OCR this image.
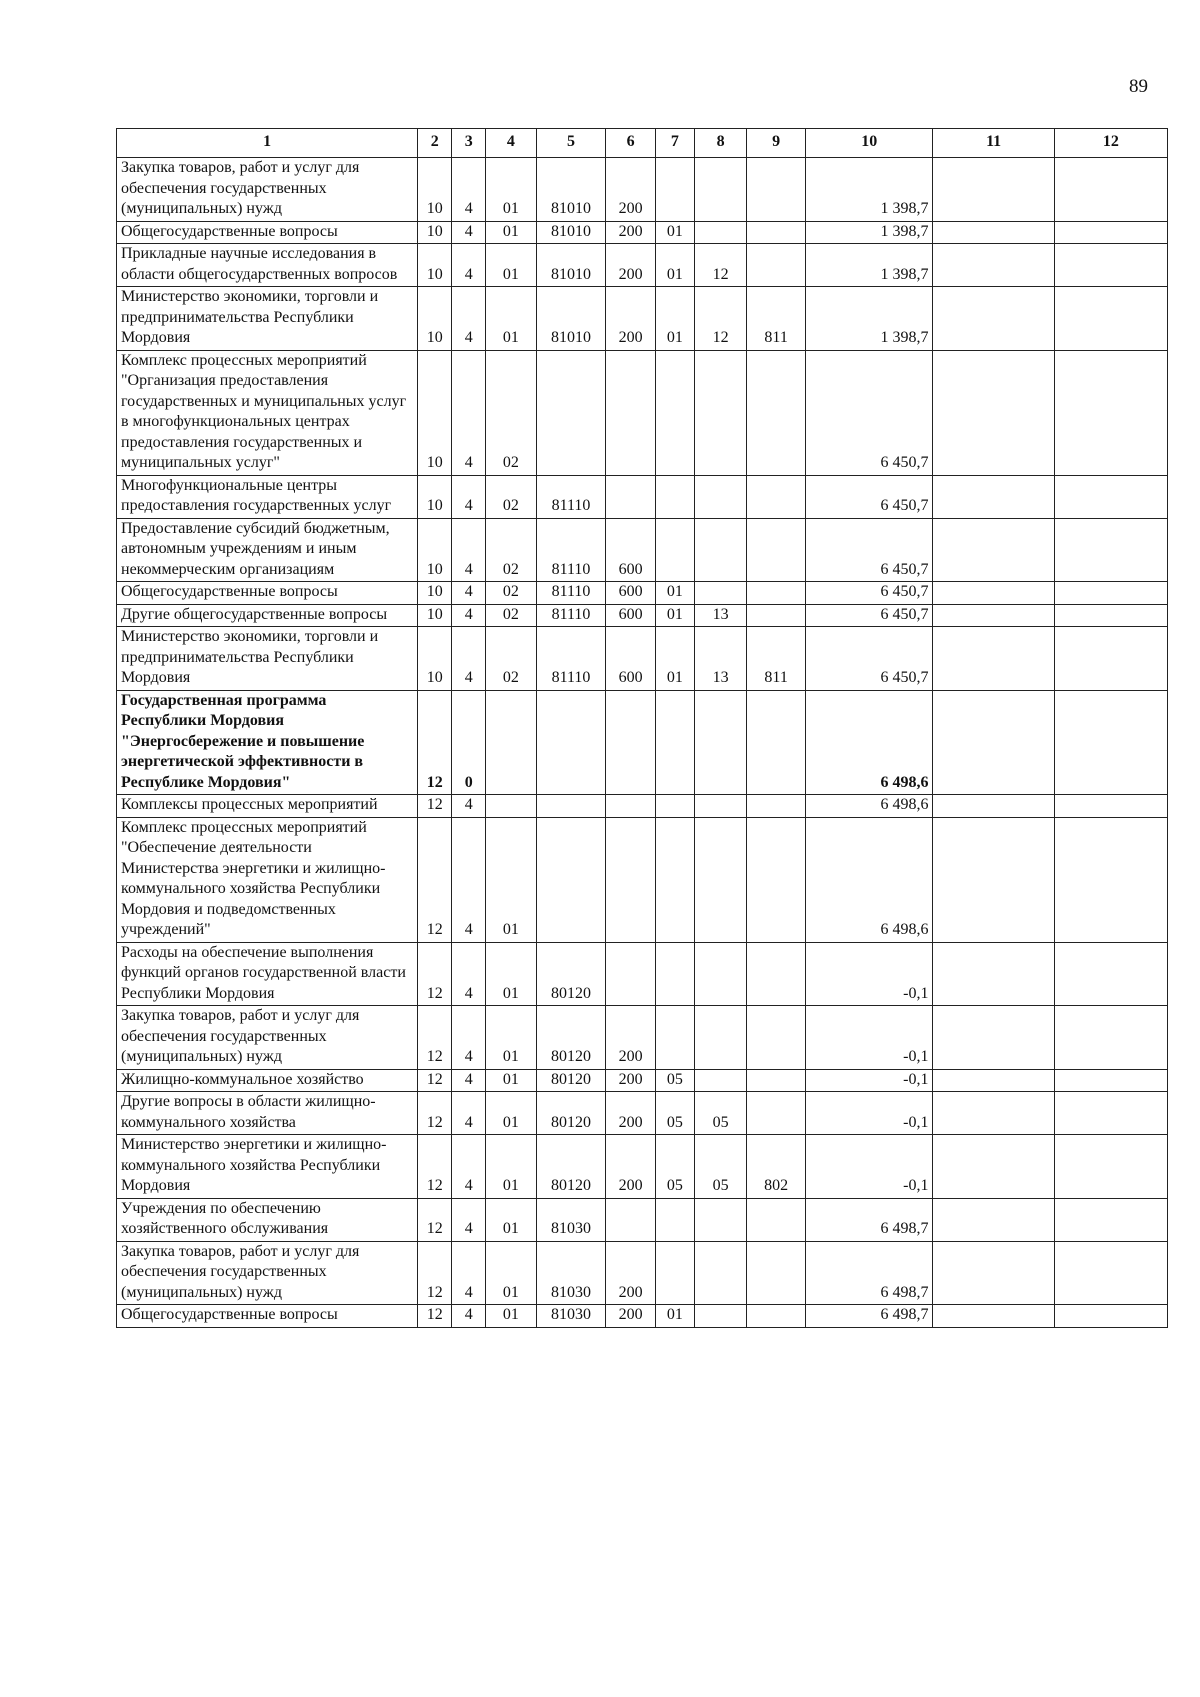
89
1	2	3	4	5	6	7	8	9	10	11	12
Закупка товаров, работ и услуг для обеспечения государственных (муниципальных) нужд	10	4	01	81010	200				1 398,7		
Общегосударственные вопросы	10	4	01	81010	200	01			1 398,7		
Прикладные научные исследования в области общегосударственных вопросов	10	4	01	81010	200	01	12		1 398,7		
Министерство экономики, торговли и предпринимательства Республики Мордовия	10	4	01	81010	200	01	12	811	1 398,7		
Комплекс процессных мероприятий "Организация предоставления государственных и муниципальных услуг в многофункциональных центрах предоставления государственных и муниципальных услуг"	10	4	02						6 450,7		
Многофункциональные центры предоставления государственных услуг	10	4	02	81110					6 450,7		
Предоставление субсидий бюджетным, автономным учреждениям и иным некоммерческим организациям	10	4	02	81110	600				6 450,7		
Общегосударственные вопросы	10	4	02	81110	600	01			6 450,7		
Другие общегосударственные вопросы	10	4	02	81110	600	01	13		6 450,7		
Министерство экономики, торговли и предпринимательства Республики Мордовия	10	4	02	81110	600	01	13	811	6 450,7		
Государственная программа Республики Мордовия "Энергосбережение и повышение энергетической эффективности в Республике Мордовия"	12	0							6 498,6		
Комплексы процессных мероприятий	12	4							6 498,6		
Комплекс процессных мероприятий "Обеспечение деятельности Министерства энергетики и жилищно-коммунального хозяйства Республики Мордовия и подведомственных учреждений"	12	4	01						6 498,6		
Расходы на обеспечение выполнения функций органов государственной власти Республики Мордовия	12	4	01	80120					-0,1		
Закупка товаров, работ и услуг для обеспечения государственных (муниципальных) нужд	12	4	01	80120	200				-0,1		
Жилищно-коммунальное хозяйство	12	4	01	80120	200	05			-0,1		
Другие вопросы в области жилищно-коммунального хозяйства	12	4	01	80120	200	05	05		-0,1		
Министерство энергетики и жилищно-коммунального хозяйства Республики Мордовия	12	4	01	80120	200	05	05	802	-0,1		
Учреждения по обеспечению хозяйственного обслуживания	12	4	01	81030					6 498,7		
Закупка товаров, работ и услуг для обеспечения государственных (муниципальных) нужд	12	4	01	81030	200				6 498,7		
Общегосударственные вопросы	12	4	01	81030	200	01			6 498,7		
